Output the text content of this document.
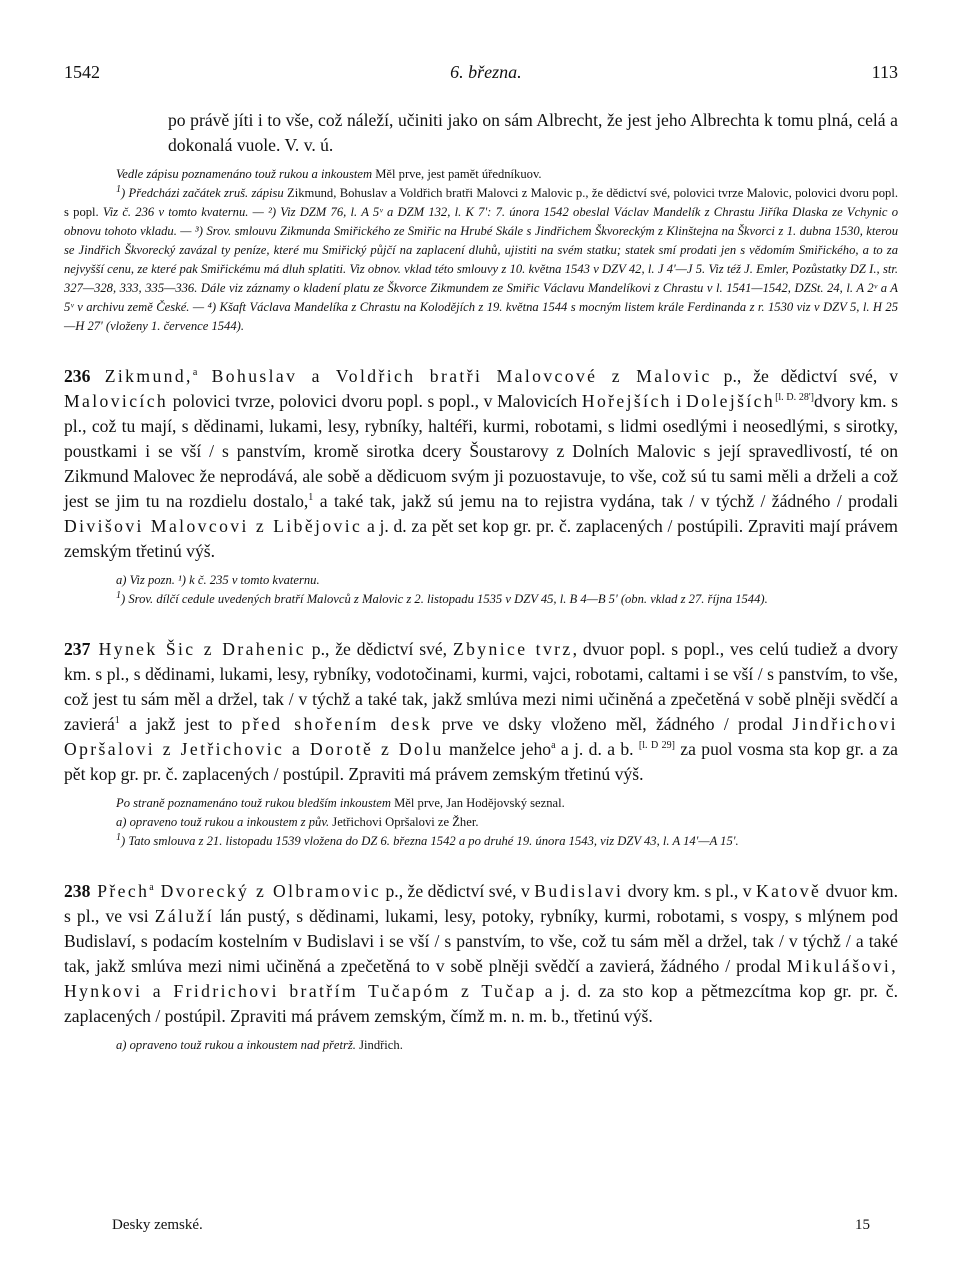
1542	6. března.	113

po právě jíti i to vše, což náleží, učiniti jako on sám Albrecht, že jest jeho Albrechta k tomu plná, celá a dokonalá vuole. V. v. ú.

Vedle zápisu poznamenáno touž rukou a inkoustem Měl prve, jest pamět úředníkuov.

$^1$) Předcházi začátek zruš. zápisu Zikmund, Bohuslav a Voldřich bratři Malovci z Malovic p., že dědictví své, polovici tvrze Malovic, polovici dvoru popl. s popl. Viz č. 236 v tomto kvaternu. — ²) Viz DZM 76, l. A 5ᵛ a DZM 132, l. K 7': 7. února 1542 obeslal Václav Mandelík z Chrastu Jiříka Dlaska ze Vchynic o obnovu tohoto vkladu. — ³) Srov. smlouvu Zikmunda Smiřického ze Smiřic na Hrubé Skále s Jindřichem Škvoreckým z Klinštejna na Škvorci z 1. dubna 1530, kterou se Jindřich Škvorecký zavázal ty peníze, které mu Smiřický půjčí na zaplacení dluhů, ujistiti na svém statku; statek smí prodati jen s vědomím Smiřického, a to za nejvyšší cenu, ze které pak Smiřickému má dluh splatiti. Viz obnov. vklad této smlouvy z 10. května 1543 v DZV 42, l. J 4'—J 5. Viz též J. Emler, Pozůstatky DZ I., str. 327—328, 333, 335—336. Dále viz záznamy o kladení platu ze Škvorce Zikmundem ze Smiřic Václavu Mandelíkovi z Chrastu v l. 1541—1542, DZSt. 24, l. A 2ᵛ a A 5ᵛ v archivu země České. — ⁴) Kšaft Václava Mandelíka z Chrastu na Kolodějích z 19. května 1544 s mocným listem krále Ferdinanda z r. 1530 viz v DZV 5, l. H 25—H 27' (vloženy 1. července 1544).

236 Zikmund,$^a$ Bohuslav a Voldřich bratři Malovcové z Malovic p., že dědictví své, v Malovicích polovici tvrze, polovici dvoru popl. s popl., v Malovicích Hořejších i Dolejších[l. D. 28']dvory km. s pl., což tu mají, s dědinami, lukami, lesy, rybníky, haltéři, kurmi, robotami, s lidmi osedlými i neosedlými, s sirotky, poustkami i se vší / s panstvím, kromě sirotka dcery Šoustarovy z Dolních Malovic s její spravedlivostí, té on Zikmund Malovec že neprodává, ale sobě a dědicuom svým ji pozuostavuje, to vše, což sú tu sami měli a drželi a což jest se jim tu na rozdielu dostalo,$^1$ a také tak, jakž sú jemu na to rejistra vydána, tak / v týchž / žádného / prodali Divišovi Malovcovi z Libějovic a j. d. za pět set kop gr. pr. č. zaplacených / postúpili. Zpraviti mají právem zemským třetinú výš.

a) Viz pozn. ¹) k č. 235 v tomto kvaternu.

$^1$) Srov. dílčí cedule uvedených bratří Malovců z Malovic z 2. listopadu 1535 v DZV 45, l. B 4—B 5' (obn. vklad z 27. října 1544).

237 Hynek Šic z Drahenic p., že dědictví své, Zbynice tvrz, dvuor popl. s popl., ves celú tudiež a dvory km. s pl., s dědinami, lukami, lesy, rybníky, vodotočinami, kurmi, vajci, robotami, caltami i se vší / s panstvím, to vše, což jest tu sám měl a držel, tak / v týchž a také tak, jakž smlúva mezi nimi učiněná a zpečetěná v sobě plněji svědčí a zavierá$^1$ a jakž jest to před shořením desk prve ve dsky vloženo měl, žádného / prodal Jindřichovi Opršalovi z Jetřichovic a Dorotě z Dolu manželce jeho$^a$ a j. d. a b. [l. D 29] za puol vosma sta kop gr. a za pět kop gr. pr. č. zaplacených / postúpil. Zpraviti má právem zemským třetinú výš.

Po straně poznamenáno touž rukou bledším inkoustem Měl prve, Jan Hodějovský seznal.

a) opraveno touž rukou a inkoustem z pův. Jetřichovi Opršalovi ze Žher.

$^1$) Tato smlouva z 21. listopadu 1539 vložena do DZ 6. března 1542 a po druhé 19. února 1543, viz DZV 43, l. A 14'—A 15'.

238 Přech$^a$ Dvorecký z Olbramovic p., že dědictví své, v Budislavi dvory km. s pl., v Katově dvuor km. s pl., ve vsi Záluží lán pustý, s dědinami, lukami, lesy, potoky, rybníky, kurmi, robotami, s vospy, s mlýnem pod Budislaví, s podacím kostelním v Budislavi i se vší / s panstvím, to vše, což tu sám měl a držel, tak / v týchž / a také tak, jakž smlúva mezi nimi učiněná a zpečetěná to v sobě plněji svědčí a zavierá, žádného / prodal Mikulášovi, Hynkovi a Fridrichovi bratřím Tučapóm z Tučap a j. d. za sto kop a pětmezcítma kop gr. pr. č. zaplacených / postúpil. Zpraviti má právem zemským, čímž m. n. m. b., třetinú výš.

a) opraveno touž rukou a inkoustem nad přetrž. Jindřich.

Desky zemské.	15
